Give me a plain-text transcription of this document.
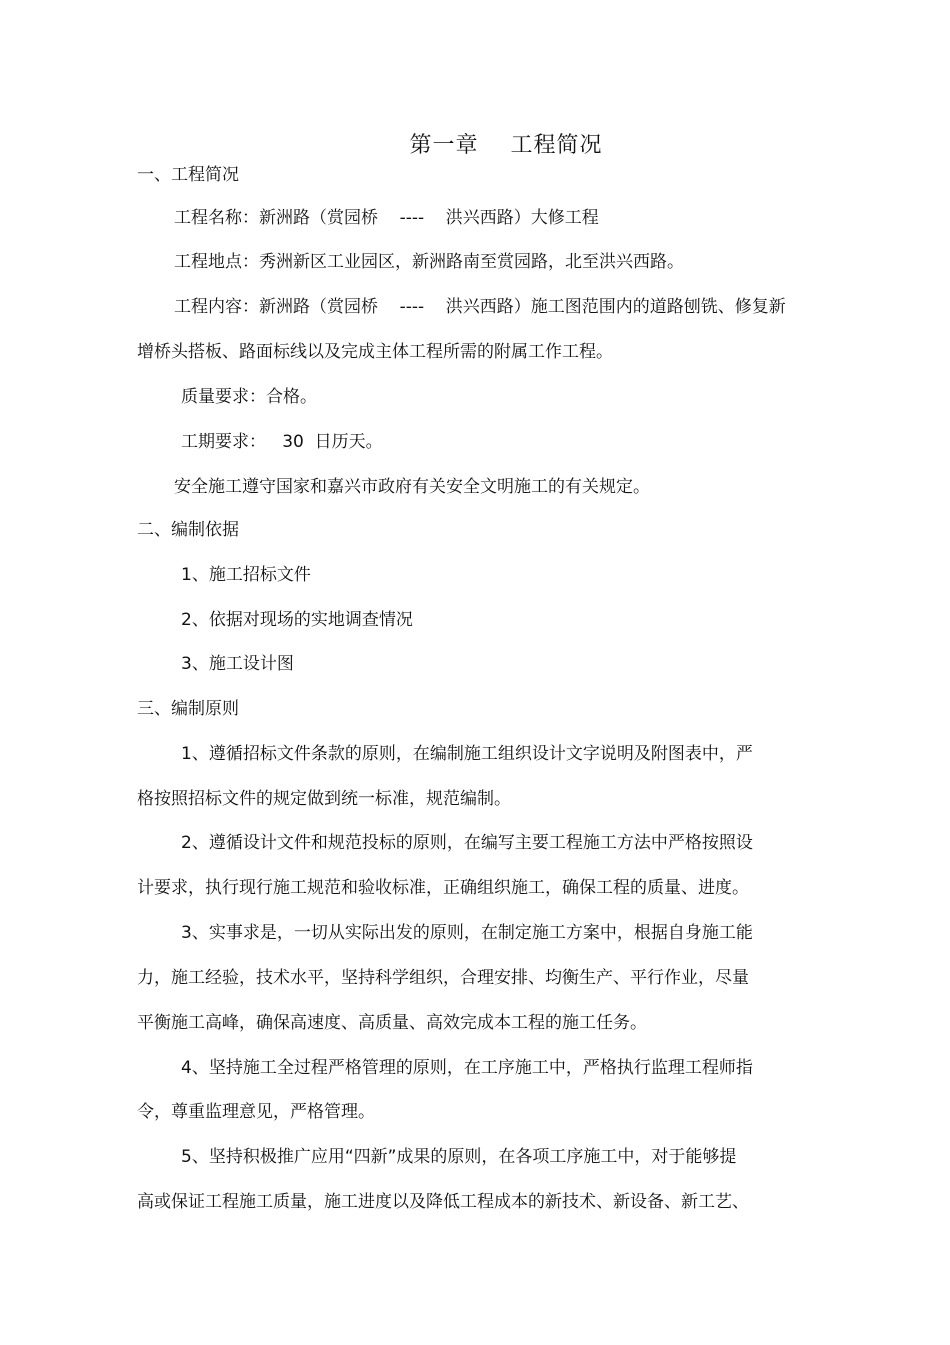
第一章    工程简况
一、工程简况
工程名称：新洲路（赏园桥    ----    洪兴西路）大修工程
工程地点：秀洲新区工业园区，新洲路南至赏园路，北至洪兴西路。
工程内容：新洲路（赏园桥    ----    洪兴西路）施工图范围内的道路刨铣、修复新
增桥头搭板、路面标线以及完成主体工程所需的附属工作工程。
质量要求：合格。
工期要求：   30  日历天。
安全施工遵守国家和嘉兴市政府有关安全文明施工的有关规定。
二、编制依据
1、施工招标文件
2、依据对现场的实地调查情况
3、施工设计图
三、编制原则
1、遵循招标文件条款的原则，在编制施工组织设计文字说明及附图表中，严
格按照招标文件的规定做到统一标准，规范编制。
2、遵循设计文件和规范投标的原则，在编写主要工程施工方法中严格按照设
计要求，执行现行施工规范和验收标准，正确组织施工，确保工程的质量、进度。
3、实事求是，一切从实际出发的原则，在制定施工方案中，根据自身施工能
力，施工经验，技术水平，坚持科学组织，合理安排、均衡生产、平行作业，尽量
平衡施工高峰，确保高速度、高质量、高效完成本工程的施工任务。
4、坚持施工全过程严格管理的原则，在工序施工中，严格执行监理工程师指
令，尊重监理意见，严格管理。
5、坚持积极推广应用“四新”成果的原则，在各项工序施工中，对于能够提
高或保证工程施工质量，施工进度以及降低工程成本的新技术、新设备、新工艺、
